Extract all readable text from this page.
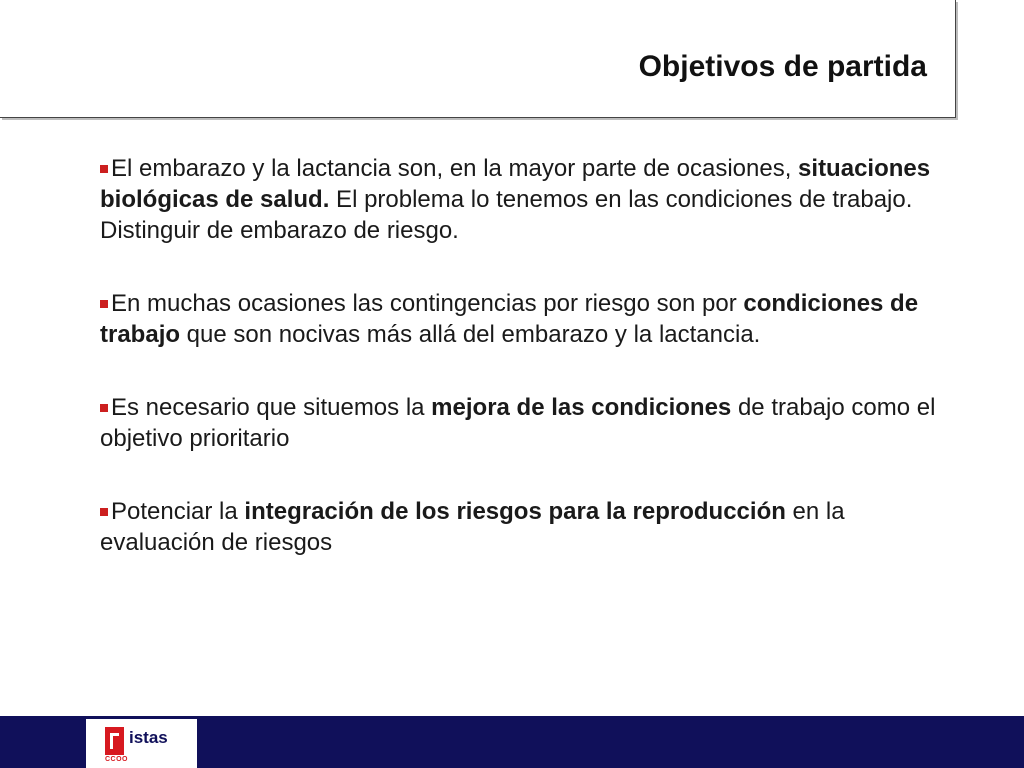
Objetivos de partida

El embarazo y la lactancia son, en la mayor parte de ocasiones, situaciones biológicas de salud. El problema lo tenemos en las condiciones de trabajo. Distinguir de embarazo de riesgo.

En muchas ocasiones las contingencias por riesgo son por condiciones de trabajo que son nocivas más allá del embarazo y la lactancia.

Es necesario que situemos la mejora de las condiciones de trabajo como el objetivo prioritario

Potenciar la integración de los riesgos para la reproducción en la evaluación de riesgos

istas
CCOO
